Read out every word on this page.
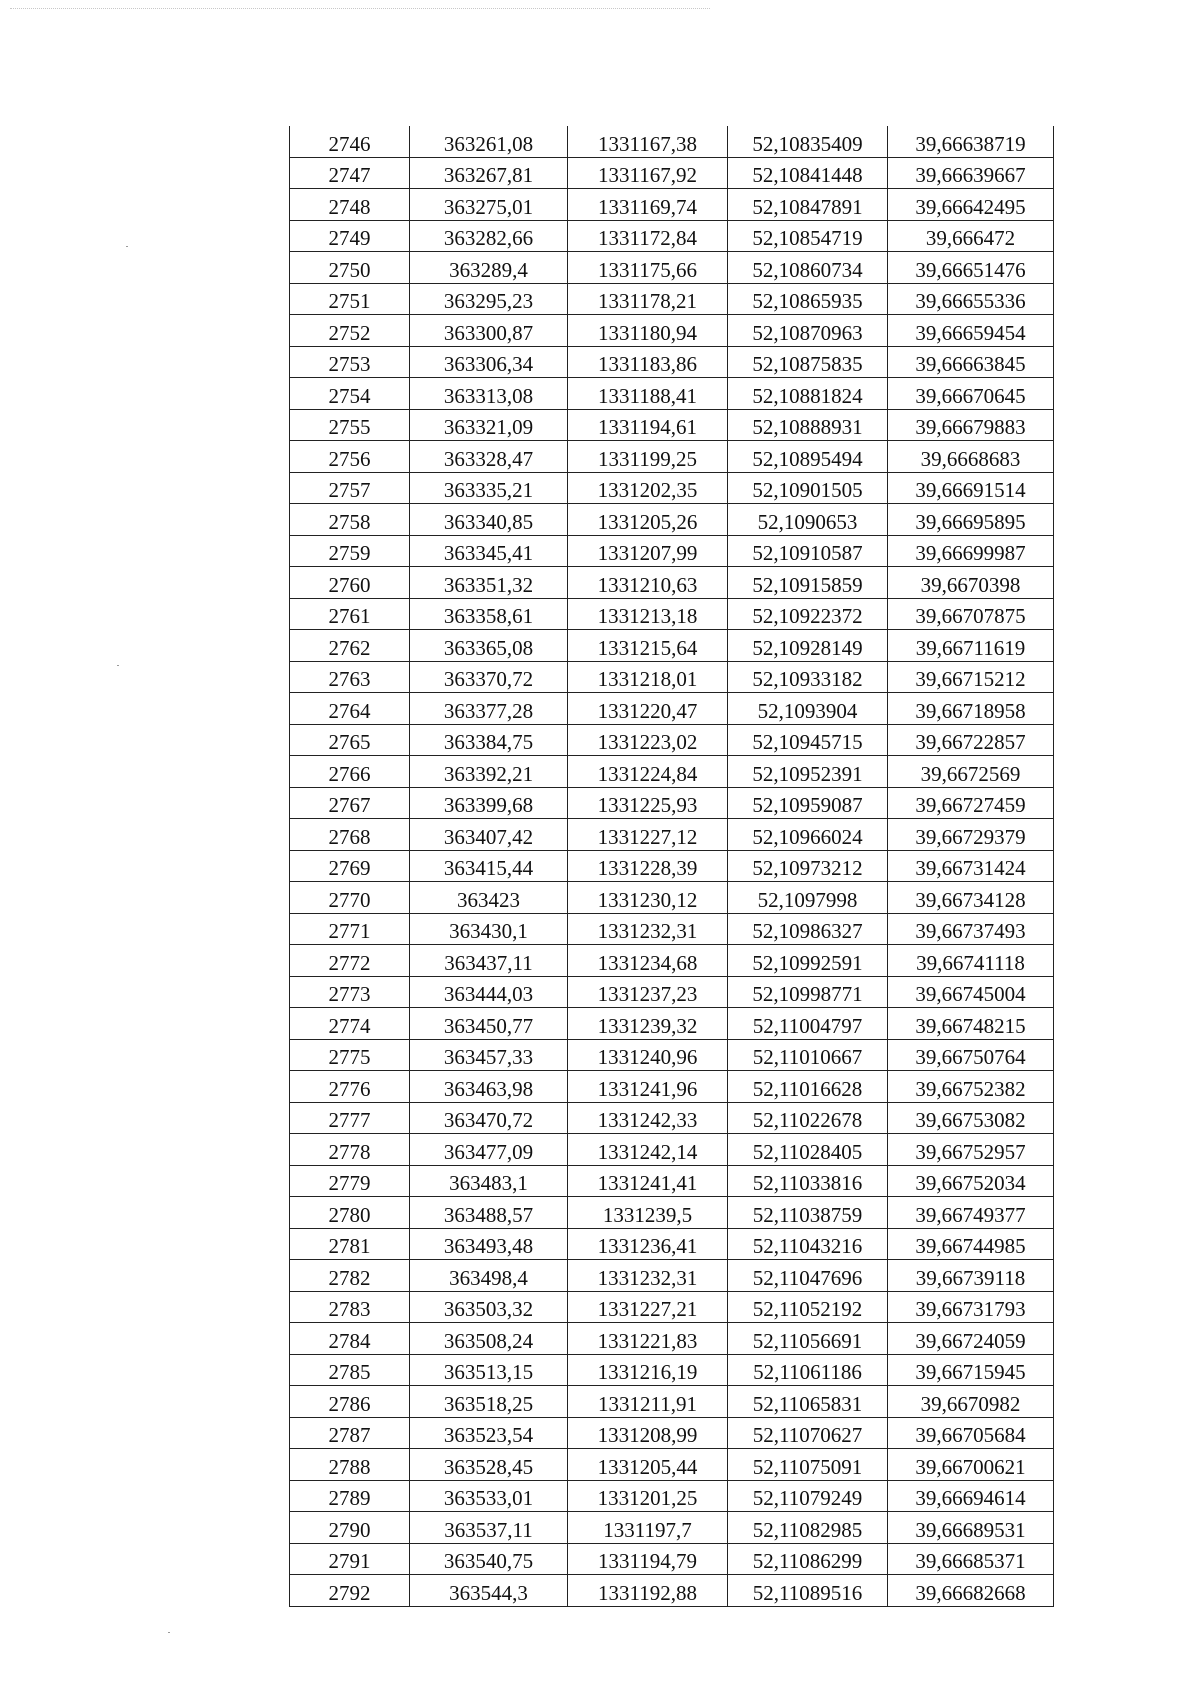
2746	363261,08	1331167,38	52,10835409	39,66638719
2747	363267,81	1331167,92	52,10841448	39,66639667
2748	363275,01	1331169,74	52,10847891	39,66642495
2749	363282,66	1331172,84	52,10854719	39,666472
2750	363289,4	1331175,66	52,10860734	39,66651476
2751	363295,23	1331178,21	52,10865935	39,66655336
2752	363300,87	1331180,94	52,10870963	39,66659454
2753	363306,34	1331183,86	52,10875835	39,66663845
2754	363313,08	1331188,41	52,10881824	39,66670645
2755	363321,09	1331194,61	52,10888931	39,66679883
2756	363328,47	1331199,25	52,10895494	39,6668683
2757	363335,21	1331202,35	52,10901505	39,66691514
2758	363340,85	1331205,26	52,1090653	39,66695895
2759	363345,41	1331207,99	52,10910587	39,66699987
2760	363351,32	1331210,63	52,10915859	39,6670398
2761	363358,61	1331213,18	52,10922372	39,66707875
2762	363365,08	1331215,64	52,10928149	39,66711619
2763	363370,72	1331218,01	52,10933182	39,66715212
2764	363377,28	1331220,47	52,1093904	39,66718958
2765	363384,75	1331223,02	52,10945715	39,66722857
2766	363392,21	1331224,84	52,10952391	39,6672569
2767	363399,68	1331225,93	52,10959087	39,66727459
2768	363407,42	1331227,12	52,10966024	39,66729379
2769	363415,44	1331228,39	52,10973212	39,66731424
2770	363423	1331230,12	52,1097998	39,66734128
2771	363430,1	1331232,31	52,10986327	39,66737493
2772	363437,11	1331234,68	52,10992591	39,66741118
2773	363444,03	1331237,23	52,10998771	39,66745004
2774	363450,77	1331239,32	52,11004797	39,66748215
2775	363457,33	1331240,96	52,11010667	39,66750764
2776	363463,98	1331241,96	52,11016628	39,66752382
2777	363470,72	1331242,33	52,11022678	39,66753082
2778	363477,09	1331242,14	52,11028405	39,66752957
2779	363483,1	1331241,41	52,11033816	39,66752034
2780	363488,57	1331239,5	52,11038759	39,66749377
2781	363493,48	1331236,41	52,11043216	39,66744985
2782	363498,4	1331232,31	52,11047696	39,66739118
2783	363503,32	1331227,21	52,11052192	39,66731793
2784	363508,24	1331221,83	52,11056691	39,66724059
2785	363513,15	1331216,19	52,11061186	39,66715945
2786	363518,25	1331211,91	52,11065831	39,6670982
2787	363523,54	1331208,99	52,11070627	39,66705684
2788	363528,45	1331205,44	52,11075091	39,66700621
2789	363533,01	1331201,25	52,11079249	39,66694614
2790	363537,11	1331197,7	52,11082985	39,66689531
2791	363540,75	1331194,79	52,11086299	39,66685371
2792	363544,3	1331192,88	52,11089516	39,66682668
